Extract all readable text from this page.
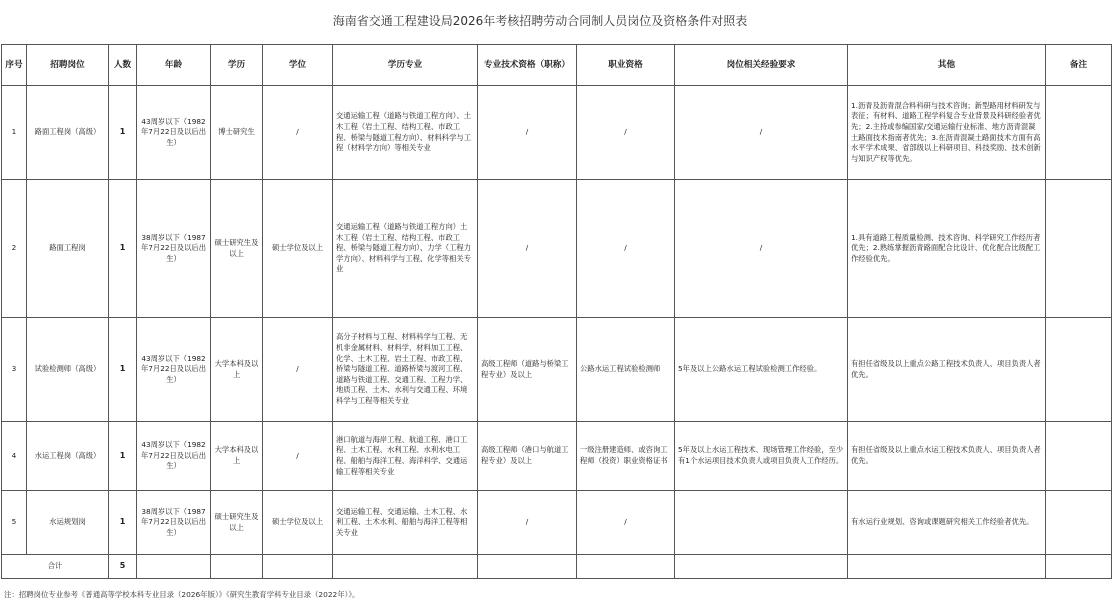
海南省交通工程建设局2026年考核招聘劳动合同制人员岗位及资格条件对照表
序号	招聘岗位	人数	年龄	学历	学位	学历专业	专业技术资格（职称）	职业资格	岗位相关经验要求	其他	备注
1	路面工程岗（高级）	1	43周岁以下（1982年7月22日及以后出生）	博士研究生	/	交通运输工程（道路与铁道工程方向）、土木工程（岩土工程、结构工程、市政工程、桥梁与隧道工程方向）、材料科学与工程（材料学方向）等相关专业	/	/	/	1.沥青及沥青混合料科研与技术咨询；新型路用材料研发与表征；有材料、道路工程学科复合专业背景及科研经验者优先；2.主持或参编国家/交通运输行业标准、地方沥青混凝土路面技术指南者优先；3.在沥青混凝土路面技术方面有高水平学术成果、省部级以上科研项目、科技奖励、技术创新与知识产权等优先。	
2	路面工程岗	1	38周岁以下（1987年7月22日及以后出生）	硕士研究生及以上	硕士学位及以上	交通运输工程（道路与铁道工程方向）土木工程（岩土工程、结构工程、市政工程、桥梁与隧道工程方向）、力学（工程力学方向）、材料科学与工程、化学等相关专业	/	/	/	1.具有道路工程质量检测、技术咨询、科学研究工作经历者优先；2.熟练掌握沥青路面配合比设计、优化配合比级配工作经验优先。	
3	试验检测师（高级）	1	43周岁以下（1982年7月22日及以后出生）	大学本科及以上	/	高分子材料与工程、材料科学与工程、无机非金属材料、材料学、材料加工工程、化学、土木工程、岩土工程、市政工程、桥梁与隧道工程、道路桥梁与渡河工程、道路与铁道工程、交通工程、工程力学、地质工程、土木、水利与交通工程、环境科学与工程等相关专业	高级工程师（道路与桥梁工程专业）及以上	公路水运工程试验检测师	5年及以上公路水运工程试验检测工作经验。	有担任省级及以上重点公路工程技术负责人、项目负责人者优先。	
4	水运工程岗（高级）	1	43周岁以下（1982年7月22日及以后出生）	大学本科及以上	/	港口航道与海岸工程、航道工程、港口工程、土木工程、水利工程、水利水电工程、船舶与海洋工程、海洋科学、交通运输工程等相关专业	高级工程师（港口与航道工程专业）及以上	一级注册建造师、或咨询工程师（投资）职业资格证书	5年及以上水运工程技术、现场管理工作经验，至少有1个水运项目技术负责人或项目负责人工作经历。	有担任省级及以上重点水运工程技术负责人、项目负责人者优先。	
5	水运规划岗	1	38周岁以下（1987年7月22日及以后出生）	硕士研究生及以上	硕士学位及以上	交通运输工程、交通运输、土木工程、水利工程、土木水利、船舶与海洋工程等相关专业	/	/		有水运行业规划、咨询或课题研究相关工作经验者优先。	
合计		5									
注：招聘岗位专业参考《普通高等学校本科专业目录（2026年版）》《研究生教育学科专业目录（2022年）》。
